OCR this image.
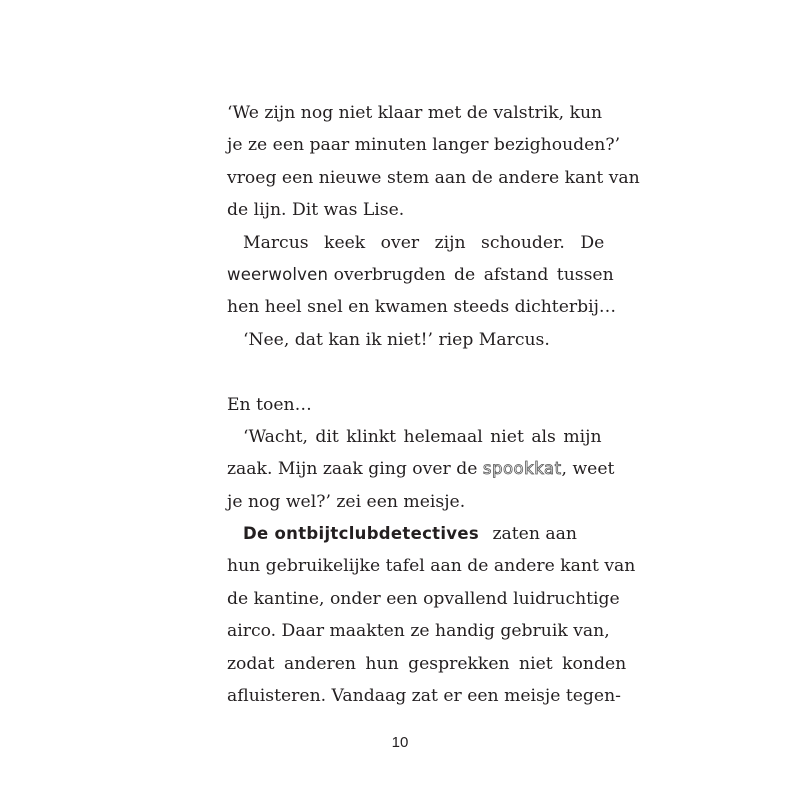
‘We zijn nog niet klaar met de valstrik, kun
je ze een paar minuten langer bezighouden?’
vroeg een nieuwe stem aan de andere kant van
de lijn. Dit was Lise.
Marcus keek over zijn schouder. De
weerwolven overbrugden de afstand tussen
hen heel snel en kwamen steeds dichterbij…
‘Nee, dat kan ik niet!’ riep Marcus.
En toen…
‘Wacht, dit klinkt helemaal niet als mijn
zaak. Mijn zaak ging over de spookkat, weet
je nog wel?’ zei een meisje.
De ontbijtclubdetectives zaten aan
hun gebruikelijke tafel aan de andere kant van
de kantine, onder een opvallend luidruchtige
airco. Daar maakten ze handig gebruik van,
zodat anderen hun gesprekken niet konden
afluisteren. Vandaag zat er een meisje tegen-
10
